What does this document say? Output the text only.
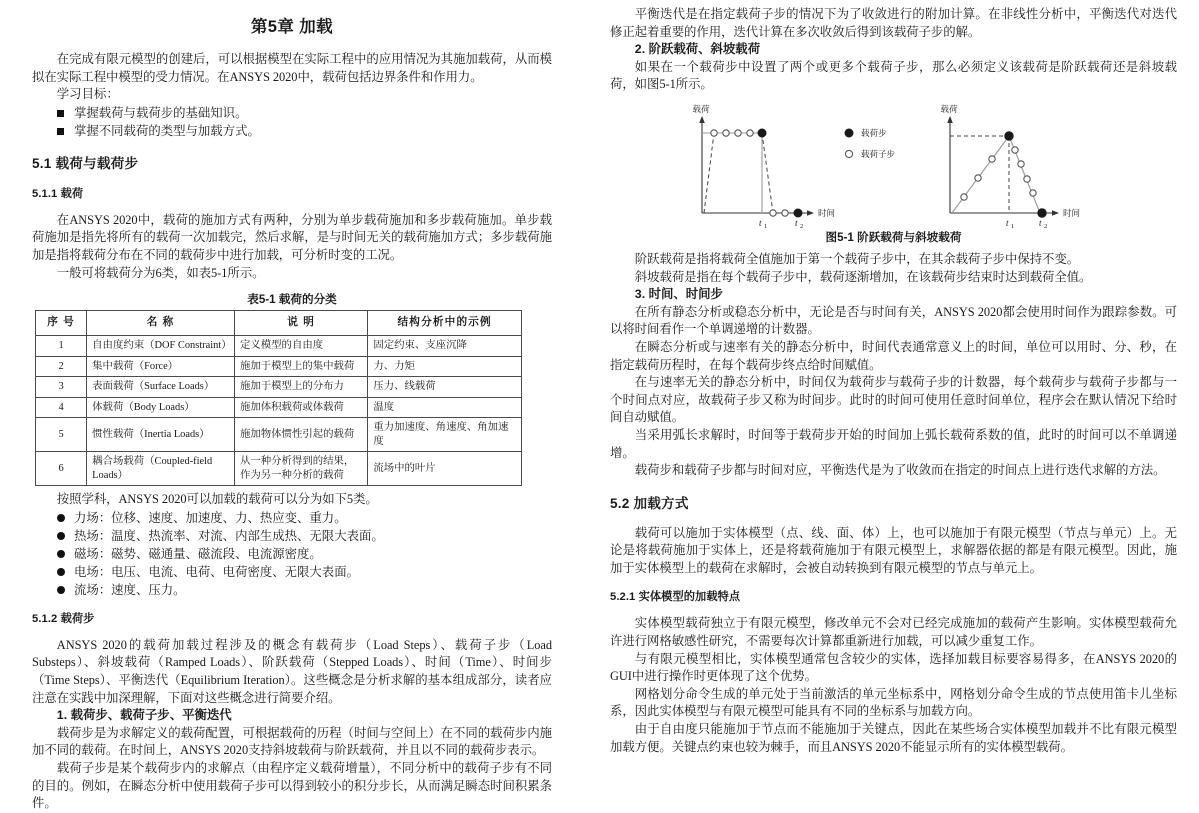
第5章 加载

在完成有限元模型的创建后，可以根据模型在实际工程中的应用情况为其施加载荷，从而模拟在实际工程中模型的受力情况。在ANSYS 2020中，载荷包括边界条件和作用力。

学习目标：

掌握载荷与载荷步的基础知识。
掌握不同载荷的类型与加载方式。
5.1 载荷与载荷步
5.1.1 载荷

在ANSYS 2020中，载荷的施加方式有两种，分别为单步载荷施加和多步载荷施加。单步载荷施加是指先将所有的载荷一次加载完，然后求解，是与时间无关的载荷施加方式；多步载荷施加是指将载荷分布在不同的载荷步中进行加载，可分析时变的工况。

一般可将载荷分为6类，如表5-1所示。

表5-1 载荷的分类
序 号	名 称	说 明	结构分析中的示例
1	自由度约束（DOF Constraint）	定义模型的自由度	固定约束、支座沉降
2	集中载荷（Force）	施加于模型上的集中载荷	力、力矩
3	表面载荷（Surface Loads）	施加于模型上的分布力	压力、线载荷
4	体载荷（Body Loads）	施加体积载荷或体载荷	温度
5	惯性载荷（Inertia Loads）	施加物体惯性引起的载荷	重力加速度、角速度、角加速度
6	耦合场载荷（Coupled-field Loads）	从一种分析得到的结果，作为另一种分析的载荷	流场中的叶片

按照学科，ANSYS 2020可以加载的载荷可以分为如下5类。

力场：位移、速度、加速度、力、热应变、重力。
热场：温度、热流率、对流、内部生成热、无限大表面。
磁场：磁势、磁通量、磁流段、电流源密度。
电场：电压、电流、电荷、电荷密度、无限大表面。
流场：速度、压力。
5.1.2 载荷步

ANSYS 2020的载荷加载过程涉及的概念有载荷步（Load Steps）、载荷子步（Load Substeps）、斜坡载荷（Ramped Loads）、阶跃载荷（Stepped Loads）、时间（Time）、时间步（Time Steps）、平衡迭代（Equilibrium Iteration）。这些概念是分析求解的基本组成部分，读者应注意在实践中加深理解，下面对这些概念进行简要介绍。

1. 载荷步、载荷子步、平衡迭代

载荷步是为求解定义的载荷配置，可根据载荷的历程（时间与空间上）在不同的载荷步内施加不同的载荷。在时间上，ANSYS 2020支持斜坡载荷与阶跃载荷，并且以不同的载荷步表示。

载荷子步是某个载荷步内的求解点（由程序定义载荷增量），不同分析中的载荷子步有不同的目的。例如，在瞬态分析中使用载荷子步可以得到较小的积分步长，从而满足瞬态时间积累条件。

平衡迭代是在指定载荷子步的情况下为了收敛进行的附加计算。在非线性分析中，平衡迭代对迭代修正起着重要的作用，迭代计算在多次收敛后得到该载荷子步的解。

2. 阶跃载荷、斜坡载荷

如果在一个载荷步中设置了两个或更多个载荷子步，那么必须定义该载荷是阶跃载荷还是斜坡载荷，如图5-1所示。

载荷
时间
t 1	t 2
载荷步
载荷子步
载荷
时间
t 1	t 2
图5-1 阶跃载荷与斜坡载荷

阶跃载荷是指将载荷全值施加于第一个载荷子步中，在其余载荷子步中保持不变。

斜坡载荷是指在每个载荷子步中，载荷逐渐增加，在该载荷步结束时达到载荷全值。

3. 时间、时间步

在所有静态分析或稳态分析中，无论是否与时间有关，ANSYS 2020都会使用时间作为跟踪参数。可以将时间看作一个单调递增的计数器。

在瞬态分析或与速率有关的静态分析中，时间代表通常意义上的时间，单位可以用时、分、秒，在指定载荷历程时，在每个载荷步终点给时间赋值。

在与速率无关的静态分析中，时间仅为载荷步与载荷子步的计数器，每个载荷步与载荷子步都与一个时间点对应，故载荷子步又称为时间步。此时的时间可使用任意时间单位，程序会在默认情况下给时间自动赋值。

当采用弧长求解时，时间等于载荷步开始的时间加上弧长载荷系数的值，此时的时间可以不单调递增。

载荷步和载荷子步都与时间对应，平衡迭代是为了收敛而在指定的时间点上进行迭代求解的方法。

5.2 加载方式

载荷可以施加于实体模型（点、线、面、体）上，也可以施加于有限元模型（节点与单元）上。无论是将载荷施加于实体上，还是将载荷施加于有限元模型上，求解器依据的都是有限元模型。因此，施加于实体模型上的载荷在求解时，会被自动转换到有限元模型的节点与单元上。

5.2.1 实体模型的加载特点

实体模型载荷独立于有限元模型，修改单元不会对已经完成施加的载荷产生影响。实体模型载荷允许进行网格敏感性研究，不需要每次计算都重新进行加载，可以减少重复工作。

与有限元模型相比，实体模型通常包含较少的实体，选择加载目标要容易得多，在ANSYS 2020的GUI中进行操作时更体现了这个优势。

网格划分命令生成的单元处于当前激活的单元坐标系中，网格划分命令生成的节点使用笛卡儿坐标系，因此实体模型与有限元模型可能具有不同的坐标系与加载方向。

由于自由度只能施加于节点而不能施加于关键点，因此在某些场合实体模型加载并不比有限元模型加载方便。关键点约束也较为棘手，而且ANSYS 2020不能显示所有的实体模型载荷。
